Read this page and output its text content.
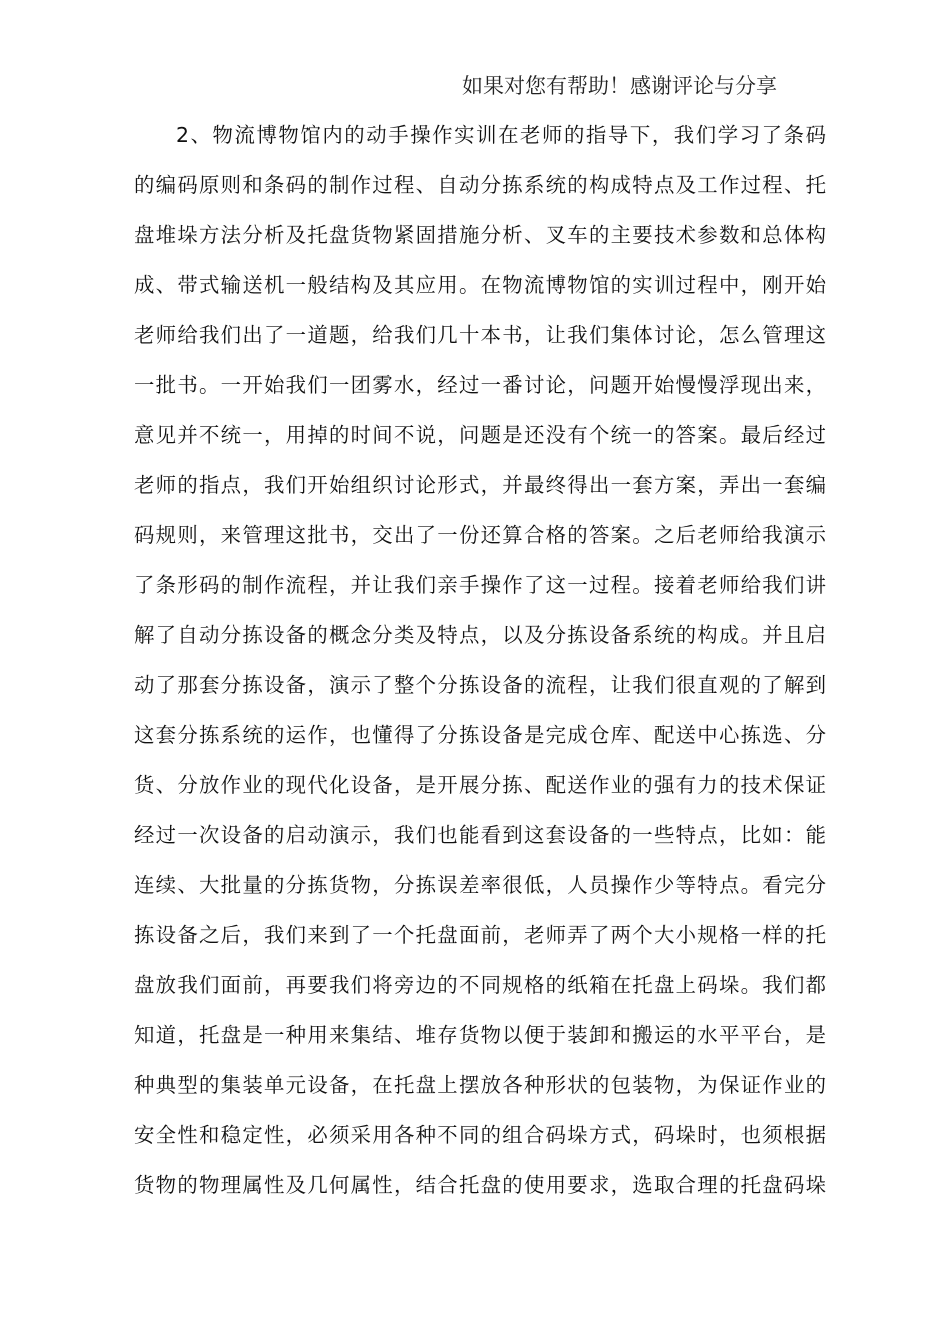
如果对您有帮助！感谢评论与分享
2、物流博物馆内的动手操作实训在老师的指导下，我们学习了条码
的编码原则和条码的制作过程、自动分拣系统的构成特点及工作过程、托
盘堆垛方法分析及托盘货物紧固措施分析、叉车的主要技术参数和总体构
成、带式输送机一般结构及其应用。在物流博物馆的实训过程中，刚开始
老师给我们出了一道题，给我们几十本书，让我们集体讨论，怎么管理这
一批书。一开始我们一团雾水，经过一番讨论，问题开始慢慢浮现出来，
意见并不统一，用掉的时间不说，问题是还没有个统一的答案。最后经过
老师的指点，我们开始组织讨论形式，并最终得出一套方案，弄出一套编
码规则，来管理这批书，交出了一份还算合格的答案。之后老师给我演示
了条形码的制作流程，并让我们亲手操作了这一过程。接着老师给我们讲
解了自动分拣设备的概念分类及特点，以及分拣设备系统的构成。并且启
动了那套分拣设备，演示了整个分拣设备的流程，让我们很直观的了解到
这套分拣系统的运作，也懂得了分拣设备是完成仓库、配送中心拣选、分
货、分放作业的现代化设备，是开展分拣、配送作业的强有力的技术保证
经过一次设备的启动演示，我们也能看到这套设备的一些特点，比如：能
连续、大批量的分拣货物，分拣误差率很低，人员操作少等特点。看完分
拣设备之后，我们来到了一个托盘面前，老师弄了两个大小规格一样的托
盘放我们面前，再要我们将旁边的不同规格的纸箱在托盘上码垛。我们都
知道，托盘是一种用来集结、堆存货物以便于装卸和搬运的水平平台，是
种典型的集装单元设备，在托盘上摆放各种形状的包装物，为保证作业的
安全性和稳定性，必须采用各种不同的组合码垛方式，码垛时，也须根据
货物的物理属性及几何属性，结合托盘的使用要求，选取合理的托盘码垛
